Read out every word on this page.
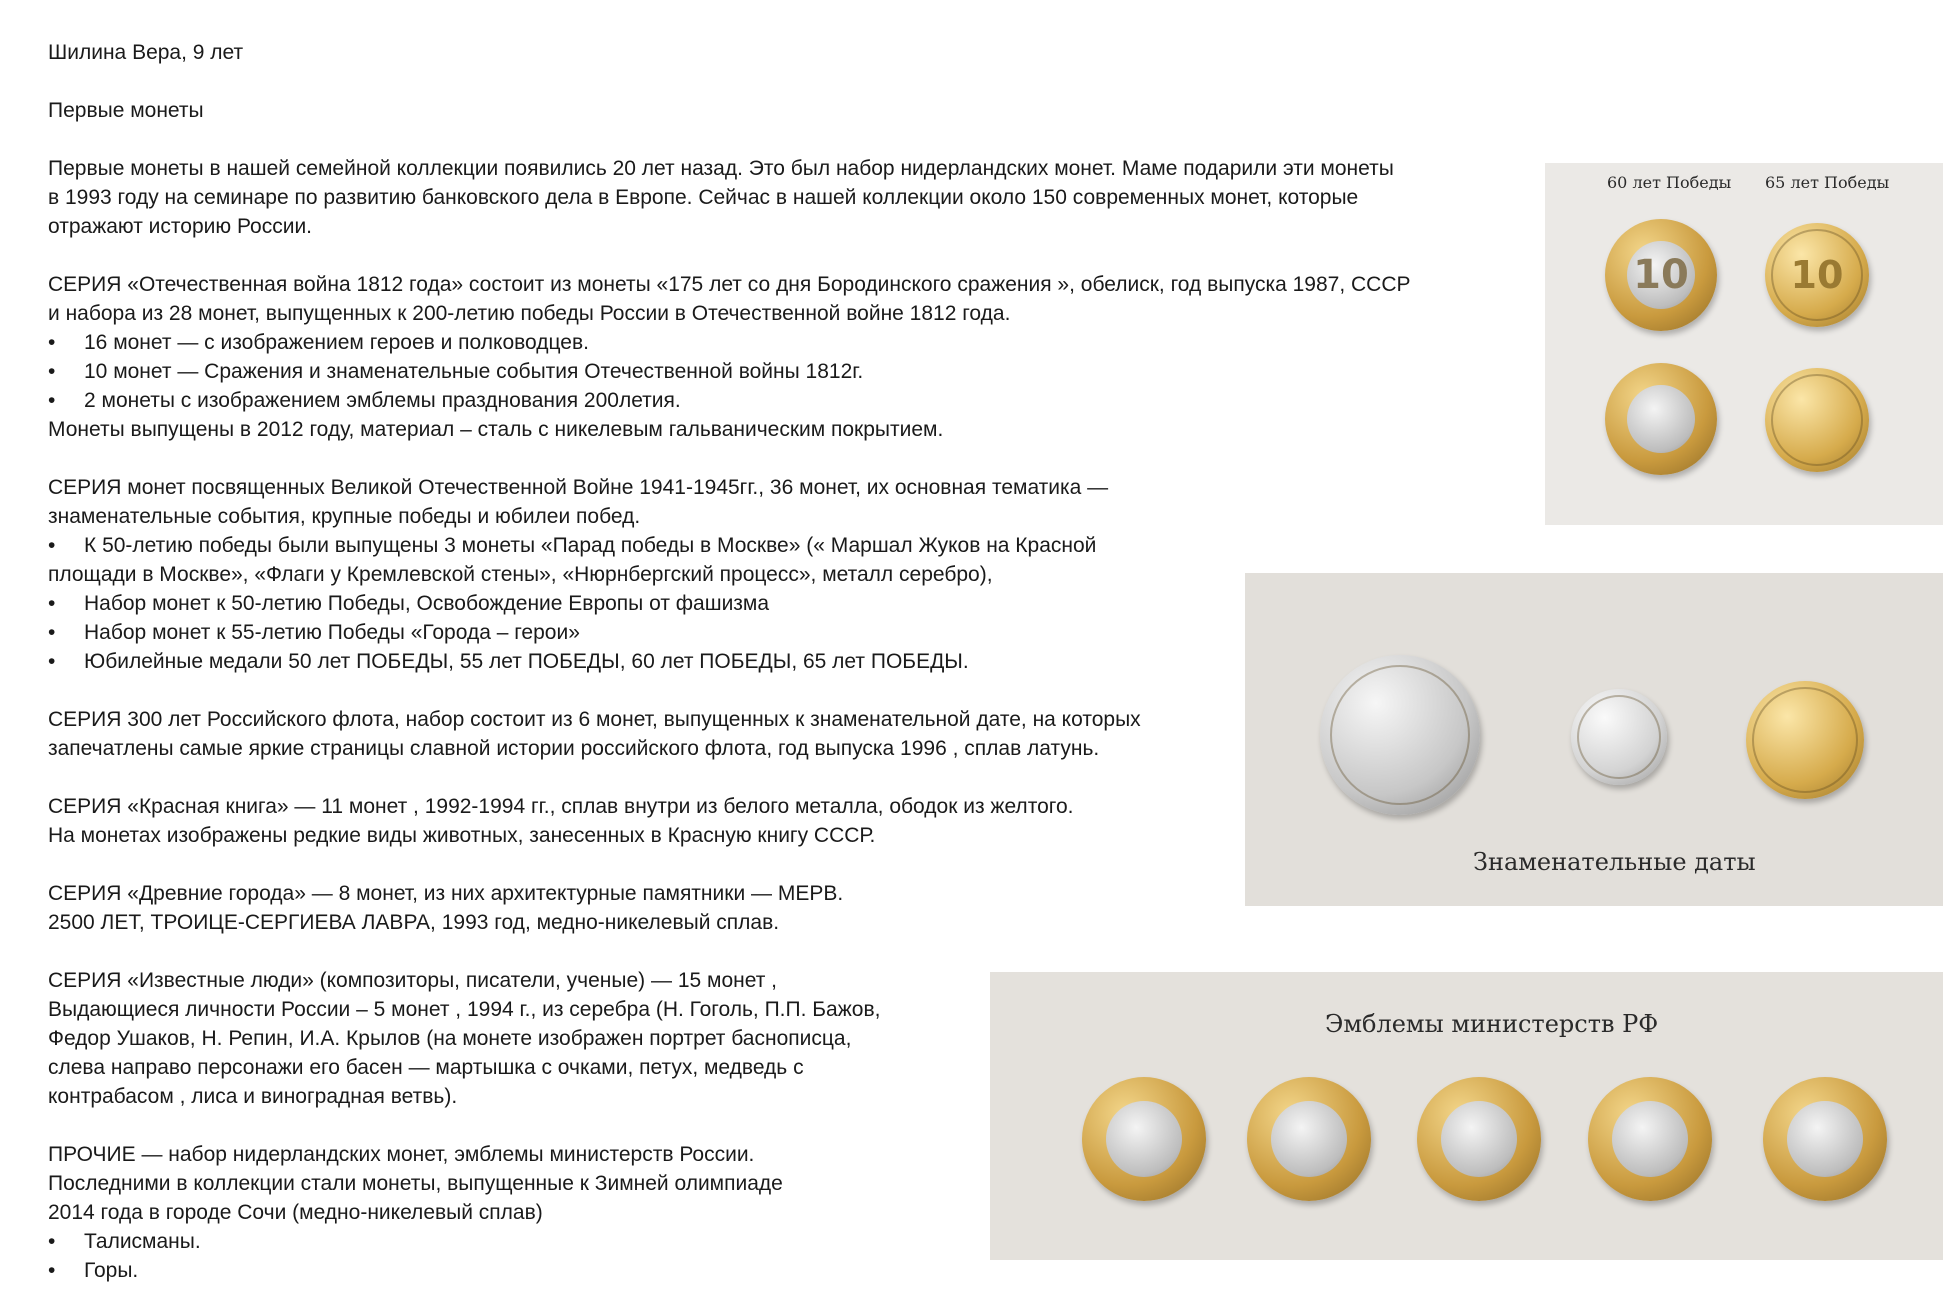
Шилина Вера, 9 лет

Первые монеты

Первые монеты в нашей семейной коллекции появились 20 лет назад. Это был набор нидерландских монет. Маме подарили эти монеты

в 1993 году на семинаре по развитию банковского дела в Европе. Сейчас в нашей коллекции около 150 современных монет, которые

отражают историю России.

СЕРИЯ «Отечественная война 1812 года» состоит из монеты «175 лет со дня Бородинского сражения », обелиск, год выпуска 1987, СССР

и набора из 28 монет, выпущенных к 200-летию победы России в Отечественной войне 1812 года.

• 16 монет — с изображением героев и полководцев.
• 10 монет — Сражения и знаменательные события Отечественной войны 1812г.
• 2 монеты с изображением эмблемы празднования 200летия.

Монеты выпущены в 2012 году, материал – сталь с никелевым гальваническим покрытием.

СЕРИЯ монет посвященных Великой Отечественной Войне 1941-1945гг., 36 монет, их основная тематика —

знаменательные события, крупные победы и юбилеи побед.

• К 50-летию победы были выпущены 3 монеты «Парад победы в Москве» (« Маршал Жуков на Красной

площади в Москве», «Флаги у Кремлевской стены», «Нюрнбергский процесс», металл серебро),

• Набор монет к 50-летию Победы, Освобождение Европы от фашизма
• Набор монет к 55-летию Победы «Города – герои»
• Юбилейные медали 50 лет ПОБЕДЫ, 55 лет ПОБЕДЫ, 60 лет ПОБЕДЫ, 65 лет ПОБЕДЫ.

СЕРИЯ 300 лет Российского флота, набор состоит из 6 монет, выпущенных к знаменательной дате, на которых

запечатлены самые яркие страницы славной истории российского флота, год выпуска 1996 , сплав латунь.

СЕРИЯ «Красная книга» — 11 монет , 1992-1994 гг., сплав внутри из белого металла, ободок из желтого.

На монетах изображены редкие виды животных, занесенных в Красную книгу СССР.

СЕРИЯ «Древние города» — 8 монет, из них архитектурные памятники — МЕРВ.

2500 ЛЕТ, ТРОИЦЕ-СЕРГИЕВА ЛАВРА, 1993 год, медно-никелевый сплав.

СЕРИЯ «Известные люди» (композиторы, писатели, ученые) — 15 монет ,

Выдающиеся личности России – 5 монет , 1994 г., из серебра (Н. Гоголь, П.П. Бажов,

Федор Ушаков, Н. Репин, И.А. Крылов (на монете изображен портрет баснописца,

слева направо персонажи его басен — мартышка с очками, петух, медведь с

контрабасом , лиса и виноградная ветвь).

ПРОЧИЕ — набор нидерландских монет, эмблемы министерств России.

Последними в коллекции стали монеты, выпущенные к Зимней олимпиаде

2014 года в городе Сочи (медно-никелевый сплав)

• Талисманы.
• Горы.
60 лет Победы 65 лет Победы
10	10
Знаменательные даты
Эмблемы министерств РФ
